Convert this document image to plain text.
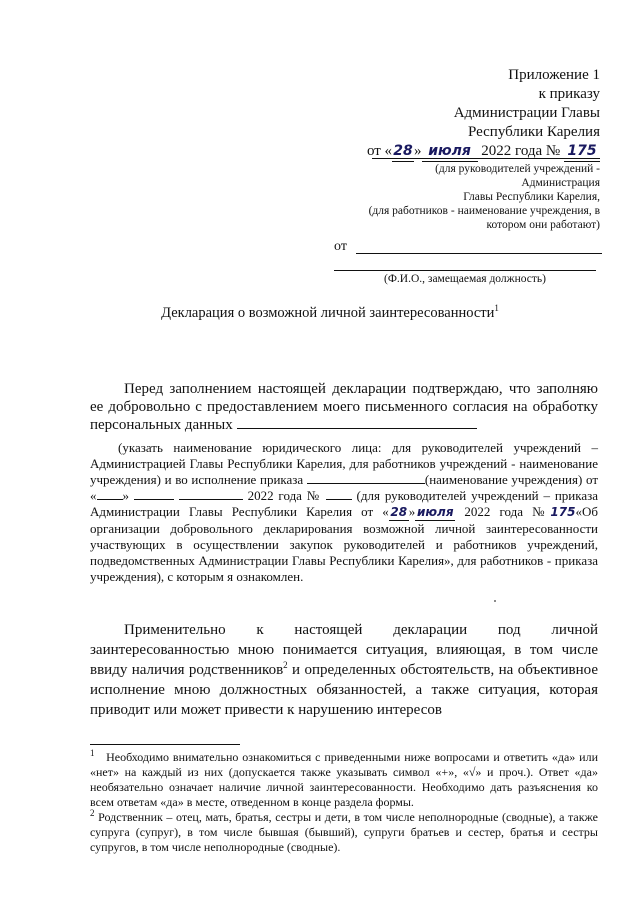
Приложение 1
к приказу
Администрации Главы
Республики Карелия
от «28» июля 2022 года № 175
(для руководителей учреждений -
Администрация
Главы Республики Карелия,
(для работников - наименование учреждения, в
котором они работают)
от
(Ф.И.О., замещаемая должность)
Декларация о возможной личной заинтересованности$^1$
Перед заполнением настоящей декларации подтверждаю, что заполняю ее добровольно с предоставлением моего письменного согласия на обработку персональных данных
(указать наименование юридического лица: для руководителей учреждений – Администрацией Главы Республики Карелия, для работников учреждений - наименование учреждения) и во исполнение приказа	(наименование учреждения) от « »	2022 года №	(для руководителей учреждений – приказа Администрации Главы Республики Карелия от « 28 » июля 2022 года №175«Об организации добровольного декларирования возможной личной заинтересованности участвующих в осуществлении закупок руководителей и работников учреждений, подведомственных Администрации Главы Республики Карелия», для работников - приказа учреждения), с которым я ознакомлен.
Применительно к настоящей декларации под личной заинтересованностью мною понимается ситуация, влияющая, в том числе ввиду наличия родственников$^2$ и определенных обстоятельств, на объективное исполнение мною должностных обязанностей, а также ситуация, которая приводит или может привести к нарушению интересов

$^1$ Необходимо внимательно ознакомиться с приведенными ниже вопросами и ответить «да» или «нет» на каждый из них (допускается также указывать символ «+», «√» и проч.). Ответ «да» необязательно означает наличие личной заинтересованности. Необходимо дать разъяснения ко всем ответам «да» в месте, отведенном в конце раздела формы.

$^2$ Родственник – отец, мать, братья, сестры и дети, в том числе неполнородные (сводные), а также супруга (супруг), в том числе бывшая (бывший), супруги братьев и сестер, братья и сестры супругов, в том числе неполнородные (сводные).
